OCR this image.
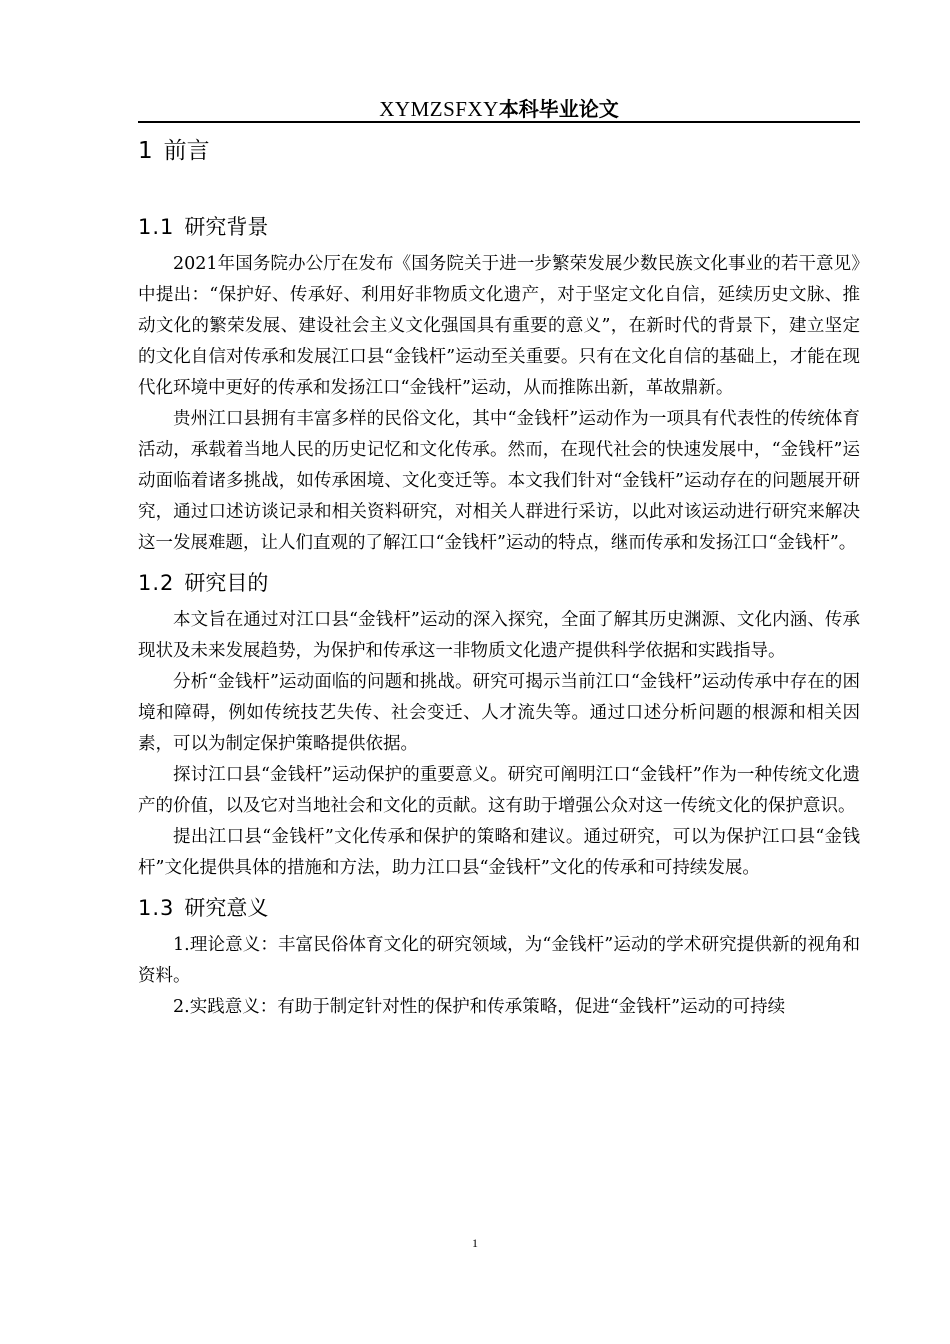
XYMZSFXY本科毕业论文
1 前言
1.1 研究背景

2021年国务院办公厅在发布《国务院关于进一步繁荣发展少数民族文化事业的若干意见》中提出：“保护好、传承好、利用好非物质文化遗产，对于坚定文化自信，延续历史文脉、推动文化的繁荣发展、建设社会主义文化强国具有重要的意义”，在新时代的背景下，建立坚定的文化自信对传承和发展江口县“金钱杆”运动至关重要。只有在文化自信的基础上，才能在现代化环境中更好的传承和发扬江口“金钱杆”运动，从而推陈出新，革故鼎新。

贵州江口县拥有丰富多样的民俗文化，其中“金钱杆”运动作为一项具有代表性的传统体育活动，承载着当地人民的历史记忆和文化传承。然而，在现代社会的快速发展中，“金钱杆”运动面临着诸多挑战，如传承困境、文化变迁等。本文我们针对“金钱杆”运动存在的问题展开研究，通过口述访谈记录和相关资料研究，对相关人群进行采访，以此对该运动进行研究来解决这一发展难题，让人们直观的了解江口“金钱杆”运动的特点，继而传承和发扬江口“金钱杆”。

1.2 研究目的

本文旨在通过对江口县“金钱杆”运动的深入探究，全面了解其历史渊源、文化内涵、传承现状及未来发展趋势，为保护和传承这一非物质文化遗产提供科学依据和实践指导。

分析“金钱杆”运动面临的问题和挑战。研究可揭示当前江口“金钱杆”运动传承中存在的困境和障碍，例如传统技艺失传、社会变迁、人才流失等。通过口述分析问题的根源和相关因素，可以为制定保护策略提供依据。

探讨江口县“金钱杆”运动保护的重要意义。研究可阐明江口“金钱杆”作为一种传统文化遗产的价值，以及它对当地社会和文化的贡献。这有助于增强公众对这一传统文化的保护意识。

提出江口县“金钱杆”文化传承和保护的策略和建议。通过研究，可以为保护江口县“金钱杆”文化提供具体的措施和方法，助力江口县“金钱杆”文化的传承和可持续发展。

1.3 研究意义

1.理论意义：丰富民俗体育文化的研究领域，为“金钱杆”运动的学术研究提供新的视角和资料。

2.实践意义：有助于制定针对性的保护和传承策略，促进“金钱杆”运动的可持续

1
